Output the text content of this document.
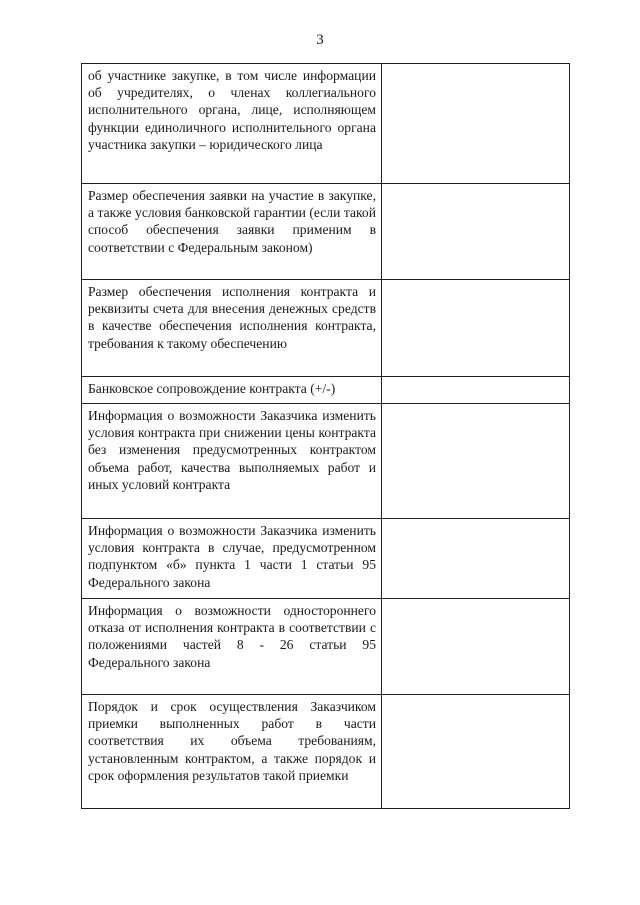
3
об участнике закупке, в том числе информации об учредителях, о членах коллегиального исполнительного органа, лице, исполняющем функции единоличного исполнительного органа участника закупки – юридического лица	

Размер обеспечения заявки на участие в закупке, а также условия банковской гарантии (если такой способ обеспечения заявки применим в соответствии с Федеральным законом)	

Размер обеспечения исполнения контракта и реквизиты счета для внесения денежных средств в качестве обеспечения исполнения контракта, требования к такому обеспечению	

Банковское сопровождение контракта (+/-)	

Информация о возможности Заказчика изменить условия контракта при снижении цены контракта без изменения предусмотренных контрактом объема работ, качества выполняемых работ и иных условий контракта	

Информация о возможности Заказчика изменить условия контракта в случае, предусмотренном подпунктом «б» пункта 1 части 1 статьи 95 Федерального закона	

Информация о возможности одностороннего отказа от исполнения контракта в соответствии с положениями частей 8 - 26 статьи 95 Федерального закона	

Порядок и срок осуществления Заказчиком приемки выполненных работ в части соответствия их объема требованиям, установленным контрактом, а также порядок и срок оформления результатов такой приемки	
